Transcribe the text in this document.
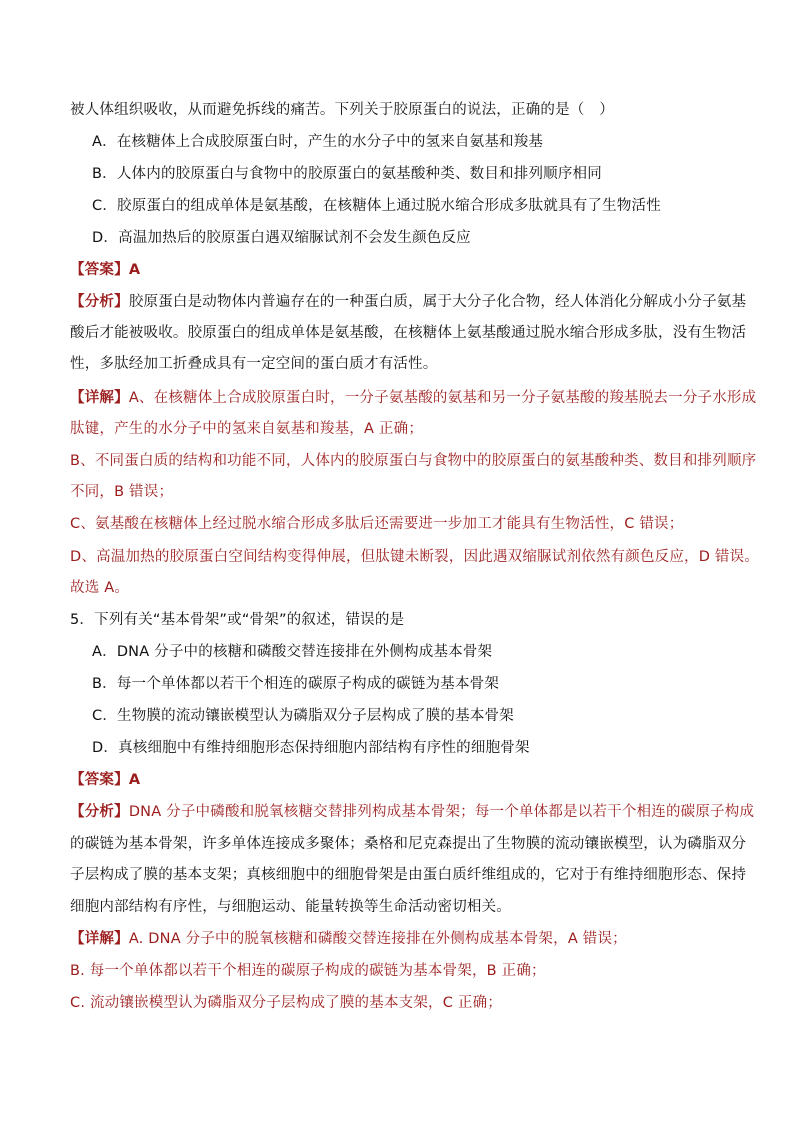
被人体组织吸收，从而避免拆线的痛苦。下列关于胶原蛋白的说法，正确的是（　）
A．在核糖体上合成胶原蛋白时，产生的水分子中的氢来自氨基和羧基
B．人体内的胶原蛋白与食物中的胶原蛋白的氨基酸种类、数目和排列顺序相同
C．胶原蛋白的组成单体是氨基酸，在核糖体上通过脱水缩合形成多肽就具有了生物活性
D．高温加热后的胶原蛋白遇双缩脲试剂不会发生颜色反应
【答案】A
【分析】胶原蛋白是动物体内普遍存在的一种蛋白质，属于大分子化合物，经人体消化分解成小分子氨基
酸后才能被吸收。胶原蛋白的组成单体是氨基酸，在核糖体上氨基酸通过脱水缩合形成多肽，没有生物活
性，多肽经加工折叠成具有一定空间的蛋白质才有活性。
【详解】A、在核糖体上合成胶原蛋白时，一分子氨基酸的氨基和另一分子氨基酸的羧基脱去一分子水形成
肽键，产生的水分子中的氢来自氨基和羧基，A 正确；
B、不同蛋白质的结构和功能不同，人体内的胶原蛋白与食物中的胶原蛋白的氨基酸种类、数目和排列顺序
不同，B 错误；
C、氨基酸在核糖体上经过脱水缩合形成多肽后还需要进一步加工才能具有生物活性，C 错误；
D、高温加热的胶原蛋白空间结构变得伸展，但肽键未断裂，因此遇双缩脲试剂依然有颜色反应，D 错误。
故选 A。
5．下列有关“基本骨架”或“骨架”的叙述，错误的是
A．DNA 分子中的核糖和磷酸交替连接排在外侧构成基本骨架
B．每一个单体都以若干个相连的碳原子构成的碳链为基本骨架
C．生物膜的流动镶嵌模型认为磷脂双分子层构成了膜的基本骨架
D．真核细胞中有维持细胞形态保持细胞内部结构有序性的细胞骨架
【答案】A
【分析】DNA 分子中磷酸和脱氧核糖交替排列构成基本骨架；每一个单体都是以若干个相连的碳原子构成
的碳链为基本骨架，许多单体连接成多聚体；桑格和尼克森提出了生物膜的流动镶嵌模型，认为磷脂双分
子层构成了膜的基本支架；真核细胞中的细胞骨架是由蛋白质纤维组成的，它对于有维持细胞形态、保持
细胞内部结构有序性，与细胞运动、能量转换等生命活动密切相关。
【详解】A. DNA 分子中的脱氧核糖和磷酸交替连接排在外侧构成基本骨架，A 错误；
B. 每一个单体都以若干个相连的碳原子构成的碳链为基本骨架，B 正确；
C. 流动镶嵌模型认为磷脂双分子层构成了膜的基本支架，C 正确；
